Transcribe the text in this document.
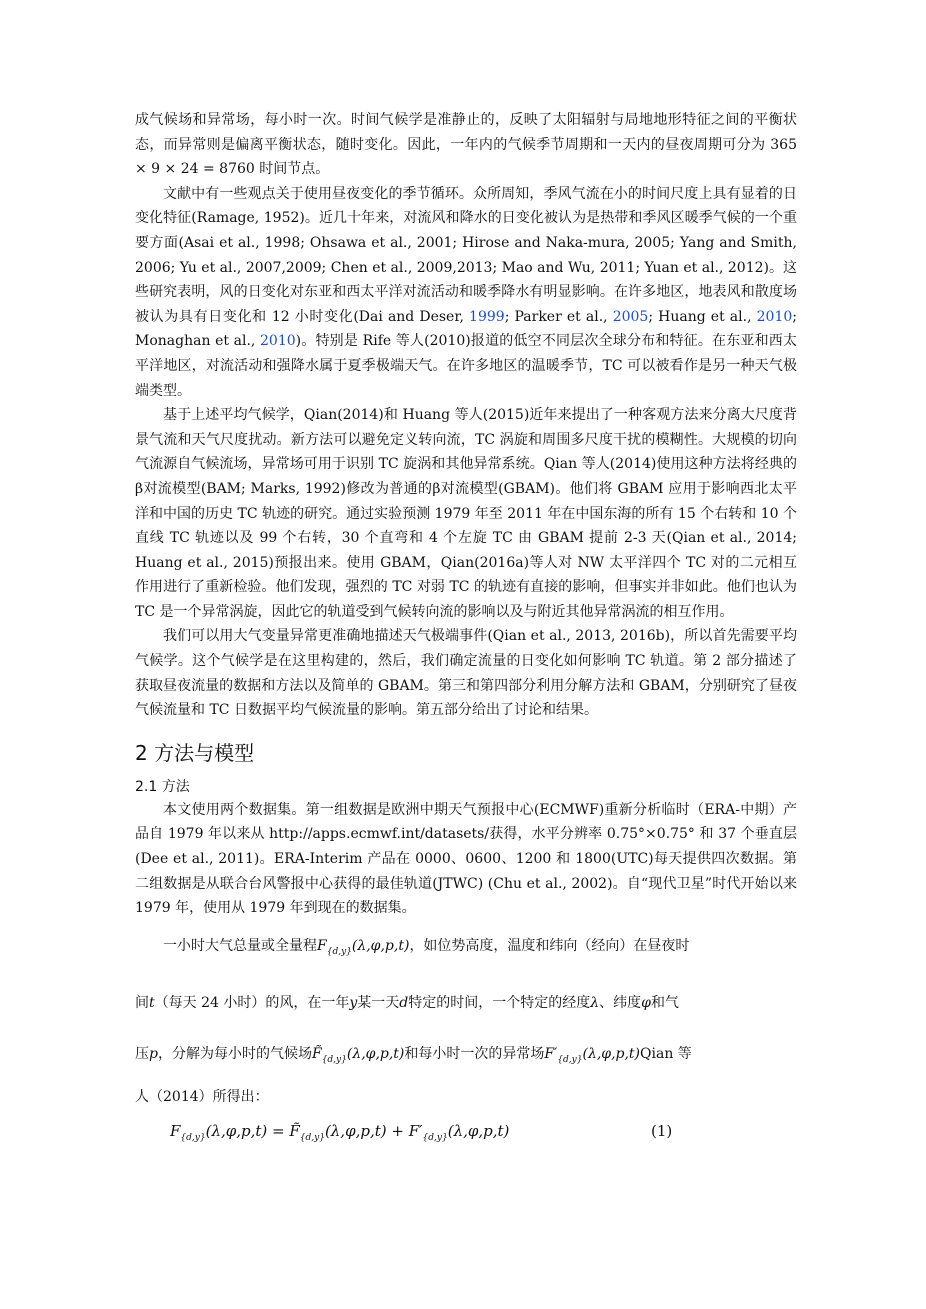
成气候场和异常场，每小时一次。时间气候学是准静止的，反映了太阳辐射与局地地形特征之间的平衡状态，而异常则是偏离平衡状态，随时变化。因此，一年内的气候季节周期和一天内的昼夜周期可分为 365 × 9 × 24 = 8760 时间节点。

文献中有一些观点关于使用昼夜变化的季节循环。众所周知，季风气流在小的时间尺度上具有显着的日变化特征(Ramage, 1952)。近几十年来，对流风和降水的日变化被认为是热带和季风区暖季气候的一个重要方面(Asai et al., 1998; Ohsawa et al., 2001; Hirose and Naka-mura, 2005; Yang and Smith, 2006; Yu et al., 2007,2009; Chen et al., 2009,2013; Mao and Wu, 2011; Yuan et al., 2012)。这些研究表明，风的日变化对东亚和西太平洋对流活动和暖季降水有明显影响。在许多地区，地表风和散度场被认为具有日变化和 12 小时变化(Dai and Deser, 1999; Parker et al., 2005; Huang et al., 2010; Monaghan et al., 2010)。特别是 Rife 等人(2010)报道的低空不同层次全球分布和特征。在东亚和西太平洋地区，对流活动和强降水属于夏季极端天气。在许多地区的温暖季节，TC 可以被看作是另一种天气极端类型。

基于上述平均气候学，Qian(2014)和 Huang 等人(2015)近年来提出了一种客观方法来分离大尺度背景气流和天气尺度扰动。新方法可以避免定义转向流，TC 涡旋和周围多尺度干扰的模糊性。大规模的切向气流源自气候流场，异常场可用于识别 TC 旋涡和其他异常系统。Qian 等人(2014)使用这种方法将经典的β对流模型(BAM; Marks, 1992)修改为普通的β对流模型(GBAM)。他们将 GBAM 应用于影响西北太平洋和中国的历史 TC 轨迹的研究。通过实验预测 1979 年至 2011 年在中国东海的所有 15 个右转和 10 个直线 TC 轨迹以及 99 个右转，30 个直弯和 4 个左旋 TC 由 GBAM 提前 2-3 天(Qian et al., 2014; Huang et al., 2015)预报出来。使用 GBAM，Qian(2016a)等人对 NW 太平洋四个 TC 对的二元相互作用进行了重新检验。他们发现，强烈的 TC 对弱 TC 的轨迹有直接的影响，但事实并非如此。他们也认为 TC 是一个异常涡旋，因此它的轨道受到气候转向流的影响以及与附近其他异常涡流的相互作用。

我们可以用大气变量异常更准确地描述天气极端事件(Qian et al., 2013, 2016b)，所以首先需要平均气候学。这个气候学是在这里构建的，然后，我们确定流量的日变化如何影响 TC 轨道。第 2 部分描述了获取昼夜流量的数据和方法以及简单的 GBAM。第三和第四部分利用分解方法和 GBAM，分别研究了昼夜气候流量和 TC 日数据平均气候流量的影响。第五部分给出了讨论和结果。

2 方法与模型
2.1 方法

本文使用两个数据集。第一组数据是欧洲中期天气预报中心(ECMWF)重新分析临时（ERA-中期）产品自 1979 年以来从 http://apps.ecmwf.int/datasets/获得，水平分辨率 0.75°×0.75° 和 37 个垂直层(Dee et al., 2011)。ERA-Interim 产品在 0000、0600、1200 和 1800(UTC)每天提供四次数据。第二组数据是从联合台风警报中心获得的最佳轨道(JTWC) (Chu et al., 2002)。自“现代卫星”时代开始以来 1979 年，使用从 1979 年到现在的数据集。

一小时大气总量或全量程$F_{\{d,y\}}(\lambda,\varphi,p,t)$，如位势高度，温度和纬向（经向）在昼夜时

间t（每天 24 小时）的风，在一年y某一天d特定的时间，一个特定的经度λ、纬度φ和气

压p，分解为每小时的气候场$F̃_{\{d,y\}}(\lambda,\varphi,p,t)$和每小时一次的异常场$F'_{\{d,y\}}(\lambda,\varphi,p,t)Qian$ 等

人（2014）所得出：

$F_{\{d,y\}}(\lambda,\varphi,p,t)$ = $F̃_{\{d,y\}}(\lambda,\varphi,p,t) + F'_{\{d,y\}}(\lambda,\varphi,p,t)$	(1)
